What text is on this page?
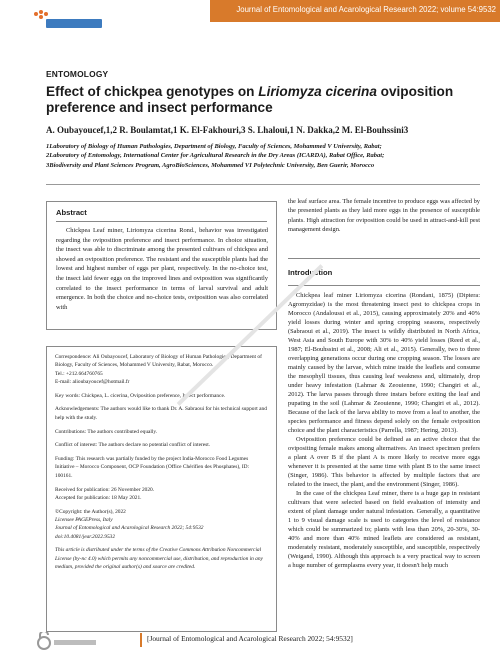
Journal of Entomological and Acarological Research 2022; volume 54:9532
ENTOMOLOGY
Effect of chickpea genotypes on Liriomyza cicerina oviposition preference and insect performance
A. Oubayoucef,1,2 R. Boulamtat,1 K. El-Fakhouri,3 S. Lhaloui,1 N. Dakka,2 M. El-Bouhssini3
1Laboratory of Biology of Human Pathologies, Department of Biology, Faculty of Sciences, Mohammed V University, Rabat;
2Laboratory of Entomology, International Center for Agricultural Research in the Dry Areas (ICARDA), Rabat Office, Rabat;
3Biodiversity and Plant Sciences Program, AgroBioSciences, Mohammed VI Polytechnic University, Ben Guerir, Morocco
Abstract
Chickpea Leaf miner, Liriomyza cicerina Rond., behavior was investigated regarding the oviposition preference and insect performance. In choice situation, the insect was able to discriminate among the presented cultivars of chickpea and showed an oviposition preference. The resistant and the susceptible plants had the lowest and highest number of eggs per plant, respectively. In the no-choice test, the insect laid fewer eggs on the improved lines and oviposition was significantly correlated to the insect performance in terms of larval survival and adult emergence. In both the choice and no-choice tests, oviposition was also correlated with

Correspondence: Ali Oubayoucef, Laboratory of Biology of Human Pathologies, Department of Biology, Faculty of Sciences, Mohammed V University, Rabat, Morocco.
Tel.: +212.664760765
E-mail: alioubayoucef@hotmail.fr

Key words: Chickpea, L. cicerina, Oviposition preference, Insect performance.

Acknowledgements: The authors would like to thank Dr. A. Sabraoui for his technical support and help with the study.

Contributions: The authors contributed equally.

Conflict of interest: The authors declare no potential conflict of interest.

Funding: This research was partially funded by the project India-Morocco Food Legumes Initiative – Morocco Component, OCP Foundation (Office Chérifien des Phosphates), ID: 100161.

Received for publication: 26 November 2020.
Accepted for publication: 18 May 2021.

©Copyright: the Author(s), 2022
Licensee PAGEPress, Italy
Journal of Entomological and Acarological Research 2022; 54:9532
doi:10.4081/jear.2022.9532

This article is distributed under the terms of the Creative Commons Attribution Noncommercial License (by-nc 4.0) which permits any noncommercial use, distribution, and reproduction in any medium, provided the original author(s) and source are credited.

the leaf surface area. The female incentive to produce eggs was affected by the presented plants as they laid more eggs in the presence of susceptible plants. High attraction for oviposition could be used in attract-and-kill pest management design.
Introduction

Chickpea leaf miner Liriomyza cicerina (Rondani, 1875) (Diptera: Agromyzidae) is the most threatening insect pest to chickpea crops in Morocco (Andaloussi et al., 2015), causing approximately 20% and 40% yield losses during winter and spring cropping seasons, respectively (Sabraoui et al., 2019). The insect is wildly distributed in North Africa, West Asia and South Europe with 30% to 40% yield losses (Reed et al., 1987; El-Bouhssini et al., 2008; Ali et al., 2015). Generally, two to three overlapping generations occur during one cropping season. The losses are mainly caused by the larvae, which mine inside the leaflets and consume the mesophyll tissues, thus causing leaf weakness and, ultimately, drop under heavy infestation (Lahmar & Zeouienne, 1990; Changiri et al., 2012). The larva passes through three instars before exiting the leaf and pupating in the soil (Lahmar & Zeouienne, 1990; Changiri et al., 2012). Because of the lack of the larva ability to move from a leaf to another, the species performance and fitness depend solely on the female oviposition choice and the plant characteristics (Parrella, 1987; Hering, 2013).

Oviposition preference could be defined as an active choice that the ovipositing female makes among alternatives. An insect specimen prefers a plant A over B if the plant A is more likely to receive more eggs whenever it is presented at the same time with plant B to the same insect (Singer, 1986). This behavior is affected by multiple factors that are related to the insect, the plant, and the environment (Singer, 1986).

In the case of the chickpea Leaf miner, there is a huge gap in resistant cultivars that were selected based on field evaluation of intensity and extent of plant damage under natural infestation. Generally, a quantitative 1 to 9 visual damage scale is used to categories the level of resistance which could be summarized to; plants with less than 20%, 20-30%, 30-40% and more than 40% mined leaflets are considered as resistant, moderately resistant, moderately susceptible, and susceptible, respectively (Weigand, 1990). Although this approach is a very practical way to screen a huge number of germplasms every year, it doesn't help much

[Journal of Entomological and Acarological Research 2022; 54:9532]
